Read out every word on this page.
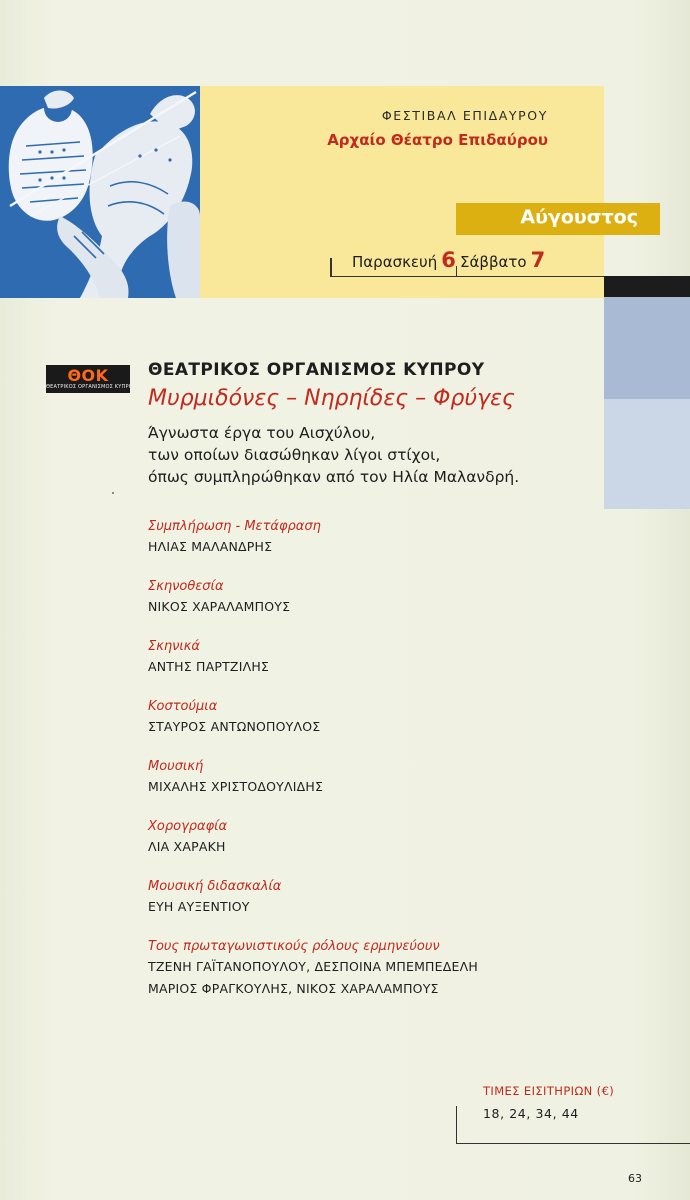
ΦΕΣΤΙΒΑΛ ΕΠΙΔΑΥΡΟΥ
Αρχαίο Θέατρο Επιδαύρου
Αύγουστος
Παρασκευή 6 Σάββατο 7
ΘΟΚ
ΘΕΑΤΡΙΚΟΣ ΟΡΓΑΝΙΣΜΟΣ ΚΥΠΡΟΥ
ΘΕΑΤΡΙΚΟΣ ΟΡΓΑΝΙΣΜΟΣ ΚΥΠΡΟΥ
Μυρμιδόνες – Νηρηίδες – Φρύγες
Άγνωστα έργα του Αισχύλου,
των οποίων διασώθηκαν λίγοι στίχοι,
όπως συμπληρώθηκαν από τον Ηλία Μαλανδρή.
Συμπλήρωση - Μετάφραση
ΗΛΙΑΣ ΜΑΛΑΝΔΡΗΣ
Σκηνοθεσία
ΝΙΚΟΣ ΧΑΡΑΛΑΜΠΟΥΣ
Σκηνικά
ΑΝΤΗΣ ΠΑΡΤΖΙΛΗΣ
Κοστούμια
ΣΤΑΥΡΟΣ ΑΝΤΩΝΟΠΟΥΛΟΣ
Μουσική
ΜΙΧΑΛΗΣ ΧΡΙΣΤΟΔΟΥΛΙΔΗΣ
Χορογραφία
ΛΙΑ ΧΑΡΑΚΗ
Μουσική διδασκαλία
ΕΥΗ ΑΥΞΕΝΤΙΟΥ
Τους πρωταγωνιστικούς ρόλους ερμηνεύουν
ΤΖΕΝΗ ΓΑΪΤΑΝΟΠΟΥΛΟΥ, ΔΕΣΠΟΙΝΑ ΜΠΕΜΠΕΔΕΛΗ
ΜΑΡΙΟΣ ΦΡΑΓΚΟΥΛΗΣ, ΝΙΚΟΣ ΧΑΡΑΛΑΜΠΟΥΣ
ΤΙΜΕΣ ΕΙΣΙΤΗΡΙΩΝ (€)
18, 24, 34, 44
63
